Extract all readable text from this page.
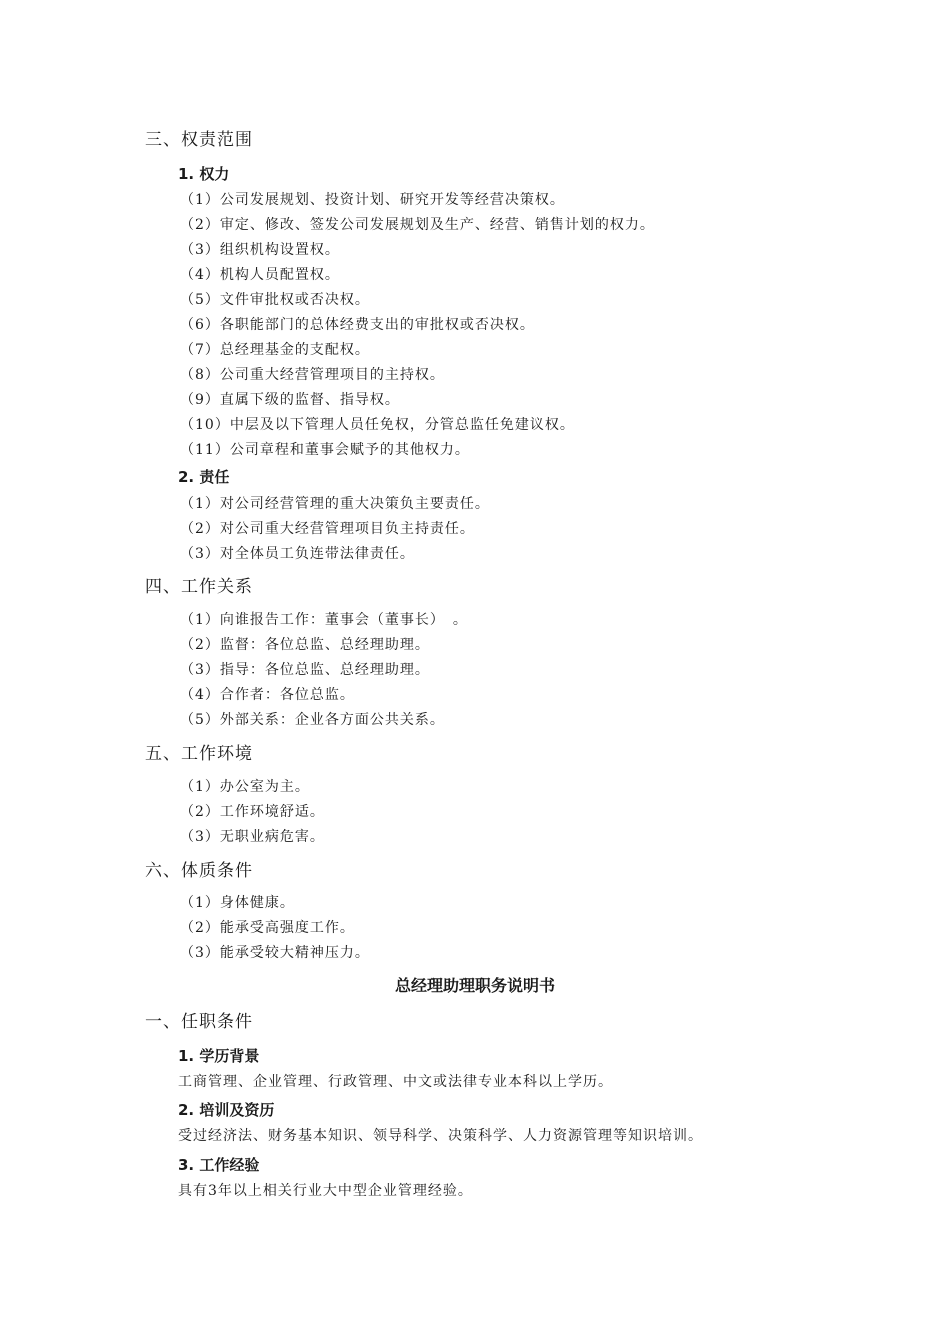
三、权责范围
1. 权力
（1）公司发展规划、投资计划、研究开发等经营决策权。
（2）审定、修改、签发公司发展规划及生产、经营、销售计划的权力。
（3）组织机构设置权。
（4）机构人员配置权。
（5）文件审批权或否决权。
（6）各职能部门的总体经费支出的审批权或否决权。
（7）总经理基金的支配权。
（8）公司重大经营管理项目的主持权。
（9）直属下级的监督、指导权。
（10）中层及以下管理人员任免权，分管总监任免建议权。
（11）公司章程和董事会赋予的其他权力。
2. 责任
（1）对公司经营管理的重大决策负主要责任。
（2）对公司重大经营管理项目负主持责任。
（3）对全体员工负连带法律责任。
四、工作关系
（1）向谁报告工作：董事会（董事长）　。
（2）监督：各位总监、总经理助理。
（3）指导：各位总监、总经理助理。
（4）合作者：各位总监。
（5）外部关系：企业各方面公共关系。
五、工作环境
（1）办公室为主。
（2）工作环境舒适。
（3）无职业病危害。
六、体质条件
（1）身体健康。
（2）能承受高强度工作。
（3）能承受较大精神压力。
总经理助理职务说明书
一、任职条件
1. 学历背景
工商管理、企业管理、行政管理、中文或法律专业本科以上学历。
2. 培训及资历
受过经济法、财务基本知识、领导科学、决策科学、人力资源管理等知识培训。
3. 工作经验
具有3年以上相关行业大中型企业管理经验。
